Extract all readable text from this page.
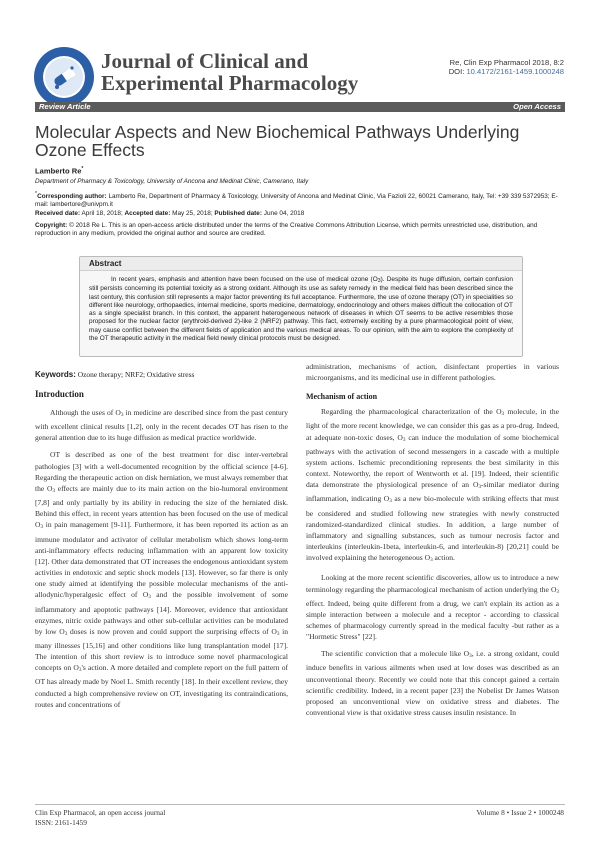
Journal of Clinical and Experimental Pharmacology
Re, Clin Exp Pharmacol 2018, 8:2
DOI: 10.4172/2161-1459.1000248
Review Article	Open Access
Molecular Aspects and New Biochemical Pathways Underlying Ozone Effects
Lamberto Re*
Department of Pharmacy & Toxicology, University of Ancona and Medinat Clinic, Camerano, Italy
*Corresponding author: Lamberto Re, Department of Pharmacy & Toxicology, University of Ancona and Medinat Clinic, Via Fazioli 22, 60021 Camerano, Italy, Tel: +39 339 5372953; E-mail: lambertore@univpm.it
Received date: April 18, 2018; Accepted date: May 25, 2018; Published date: June 04, 2018
Copyright: © 2018 Re L. This is an open-access article distributed under the terms of the Creative Commons Attribution License, which permits unrestricted use, distribution, and reproduction in any medium, provided the original author and source are credited.
Abstract
In recent years, emphasis and attention have been focused on the use of medical ozone $(O_3)$. Despite its huge diffusion, certain confusion still persists concerning its potential toxicity as a strong oxidant. Although its use as safety remedy in the medical field has been described since the last century, this confusion still represents a major factor preventing its full acceptance. Furthermore, the use of ozone therapy (OT) in specialities so different like neurology, orthopaedics, internal medicine, sports medicine, dermatology, endocrinology and others makes difficult the collocation of OT as a single specialist branch. In this context, the apparent heterogeneous network of diseases in which OT seems to be active resembles those proposed for the nuclear factor (erythroid-derived 2)-like 2 (NRF2) pathway. This fact, extremely exciting by a pure pharmacological point of view, may cause conflict between the different fields of application and the various medical areas. To our opinion, with the aim to explore the complexity of the OT therapeutic activity in the medical field newly clinical protocols must be designed.
Keywords: Ozone therapy; NRF2; Oxidative stress
Introduction

Although the uses of $O_3$ in medicine are described since from the past century with excellent clinical results [1,2], only in the recent decades OT has risen to the general attention due to its huge diffusion as medical practice worldwide.

OT is described as one of the best treatment for disc inter-vertebral pathologies [3] with a well-documented recognition by the official science [4-6]. Regarding the therapeutic action on disk herniation, we must always remember that the $O_3$ effects are mainly due to its main action on the bio-humoral environment [7,8] and only partially by its ability in reducing the size of the herniated disk. Behind this effect, in recent years attention has been focused on the use of medical $O_3$ in pain management [9-11]. Furthermore, it has been reported its action as an immune modulator and activator of cellular metabolism which shows long-term anti-inflammatory effects reducing inflammation with an apparent low toxicity [12]. Other data demonstrated that OT increases the endogenous antioxidant system activities in endotoxic and septic shock models [13]. However, so far there is only one study aimed at identifying the possible molecular mechanisms of the anti-allodynic/hyperalgesic effect of $O_3$ and the possible involvement of some inflammatory and apoptotic pathways [14]. Moreover, evidence that antioxidant enzymes, nitric oxide pathways and other sub-cellular activities can be modulated by low $O_3$ doses is now proven and could support the surprising effects of $O_3$ in many illnesses [15,16] and other conditions like lung transplantation model [17]. The intention of this short review is to introduce some novel pharmacological concepts on $O_3's$ action. A more detailed and complete report on the full pattern of OT has already made by Noel L. Smith recently [18]. In their excellent review, they conducted a high comprehensive review on OT, investigating its contraindications, routes and concentrations of

administration, mechanisms of action, disinfectant properties in various microorganisms, and its medicinal use in different pathologies.

Mechanism of action

Regarding the pharmacological characterization of the $O_3$ molecule, in the light of the more recent knowledge, we can consider this gas as a pro-drug. Indeed, at adequate non-toxic doses, $O_3$ can induce the modulation of some biochemical pathways with the activation of second messengers in a cascade with a multiple system actions. Ischemic preconditioning represents the best similarity in this context. Noteworthy, the report of Wentworth et al. [19]. Indeed, their scientific data demonstrate the physiological presence of an $O_3$-similar mediator during inflammation, indicating $O_3$ as a new bio-molecule with striking effects that must be considered and studied following new strategies with newly constructed randomized-standardized clinical studies. In addition, a large number of inflammatory and signalling substances, such as tumour necrosis factor and interleukins (interleukin-1beta, interleukin-6, and interleukin-8) [20,21] could be involved explaining the heterogeneous $O_3$ action.

Looking at the more recent scientific discoveries, allow us to introduce a new terminology regarding the pharmacological mechanism of action underlying the $O_3$ effect. Indeed, being quite different from a drug, we can't explain its action as a simple interaction between a molecule and a receptor - according to classical schemes of pharmacology currently spread in the medical faculty -but rather as a "Hormetic Stress" [22].

The scientific conviction that a molecule like $O_3$, i.e. a strong oxidant, could induce benefits in various ailments when used at low doses was described as an unconventional theory. Recently we could note that this concept gained a certain scientific credibility. Indeed, in a recent paper [23] the Nobelist Dr James Watson proposed an unconventional view on oxidative stress and diabetes. The conventional view is that oxidative stress causes insulin resistance. In

Clin Exp Pharmacol, an open access journal
ISSN: 2161-1459
Volume 8 • Issue 2 • 1000248
